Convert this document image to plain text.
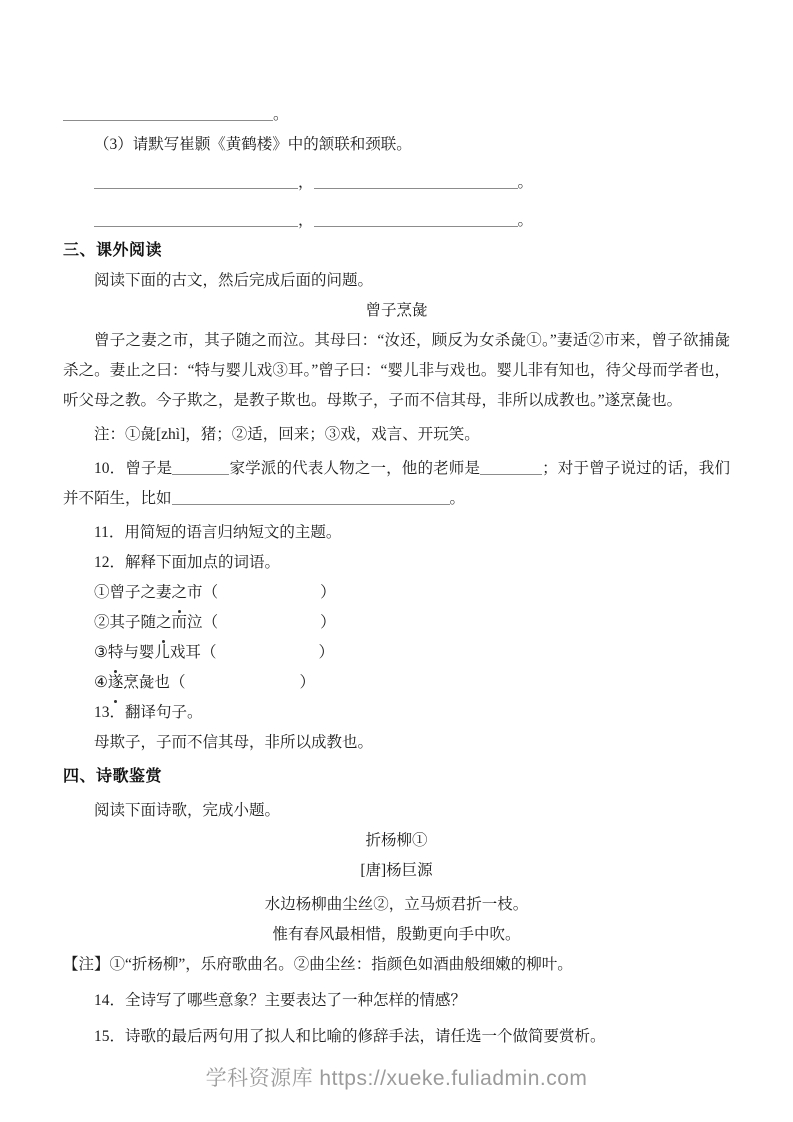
。
（3）请默写崔颢《黄鹤楼》中的颔联和颈联。
，	。
，	。
三、课外阅读
阅读下面的古文，然后完成后面的问题。
曾子烹彘

曾子之妻之市，其子随之而泣。其母曰：“汝还，顾反为女杀彘①。”妻适②市来，曾子欲捕彘杀之。妻止之曰：“特与婴儿戏③耳。”曾子曰：“婴儿非与戏也。婴儿非有知也，待父母而学者也，听父母之教。今子欺之，是教子欺也。母欺子，子而不信其母，非所以成教也。”遂烹彘也。

注：①彘[zhì]，猪；②适，回来；③戏，戏言、开玩笑。

10．曾子是	家学派的代表人物之一，他的老师是	；对于曾子说过的话，我们并不陌生，比如	。

11．用简短的语言归纳短文的主题。
12．解释下面加点的词语。
①曾子之妻之市（	）
②其子随之而泣（	）
③特与婴儿戏耳（	）
④遂烹彘也（	）
13．翻译句子。
母欺子，子而不信其母，非所以成教也。
四、诗歌鉴赏
阅读下面诗歌，完成小题。
折杨柳①
[唐]杨巨源
水边杨柳曲尘丝②，立马烦君折一枝。
惟有春风最相惜，殷勤更向手中吹。
【注】①“折杨柳”，乐府歌曲名。②曲尘丝：指颜色如酒曲般细嫩的柳叶。
14．全诗写了哪些意象？主要表达了一种怎样的情感？
15．诗歌的最后两句用了拟人和比喻的修辞手法，请任选一个做简要赏析。
学科资源库 https://xueke.fuliadmin.com
